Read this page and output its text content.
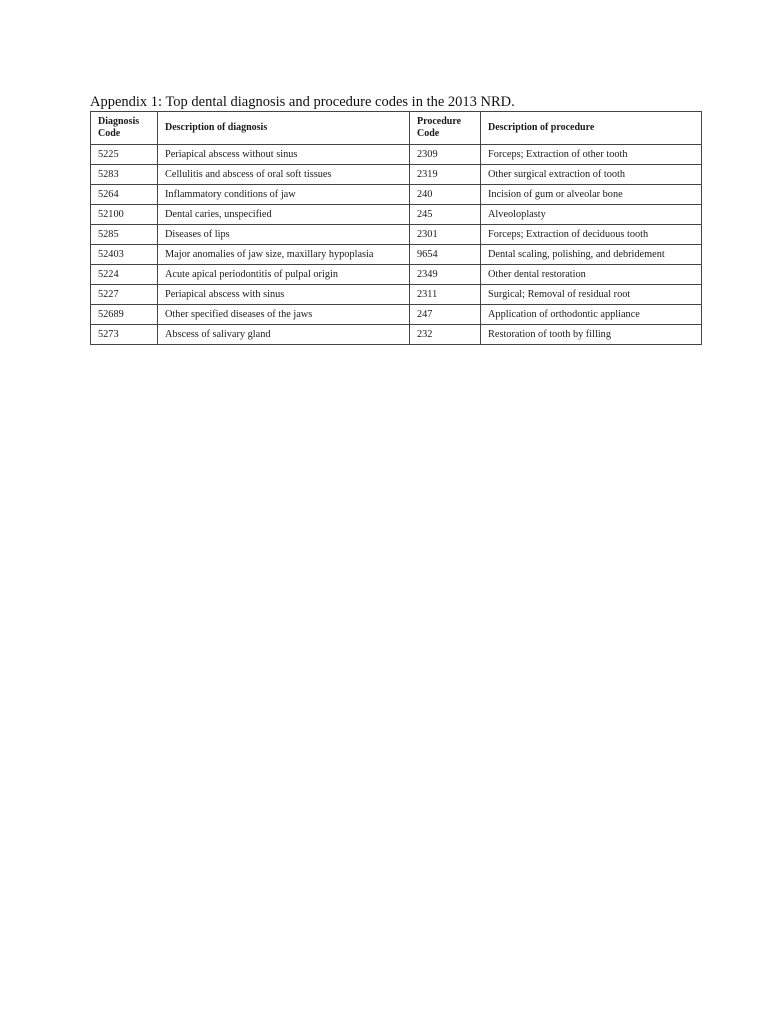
Appendix 1: Top dental diagnosis and procedure codes in the 2013 NRD.
Diagnosis Code	Description of diagnosis	Procedure Code	Description of procedure
5225	Periapical abscess without sinus	2309	Forceps; Extraction of other tooth
5283	Cellulitis and abscess of oral soft tissues	2319	Other surgical extraction of tooth
5264	Inflammatory conditions of jaw	240	Incision of gum or alveolar bone
52100	Dental caries, unspecified	245	Alveoloplasty
5285	Diseases of lips	2301	Forceps; Extraction of deciduous tooth
52403	Major anomalies of jaw size, maxillary hypoplasia	9654	Dental scaling, polishing, and debridement
5224	Acute apical periodontitis of pulpal origin	2349	Other dental restoration
5227	Periapical abscess with sinus	2311	Surgical; Removal of residual root
52689	Other specified diseases of the jaws	247	Application of orthodontic appliance
5273	Abscess of salivary gland	232	Restoration of tooth by filling
